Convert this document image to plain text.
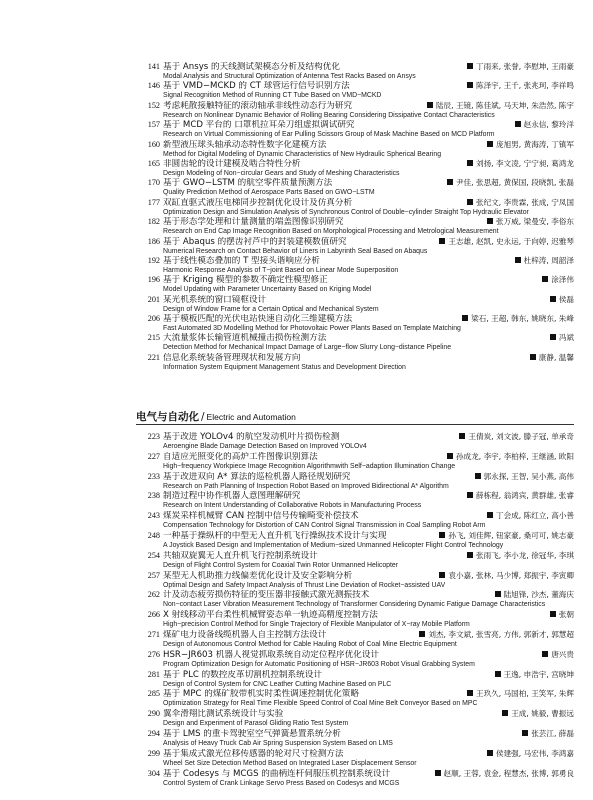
141 基于 Ansys 的天线测试架模态分析及结构优化
Modal Analysis and Structural Optimization of Antenna Test Racks Based on Ansys
丁雨来, 张誉, 李慰坤, 王雨豪
146 基于 VMD−MCKD 的 CT 球管运行信号识别方法
Signal Recognition Method of Running CT Tube Based on VMD−MCKD
陈泽宇, 王千, 张兆珂, 李祥鸣
152 考虑耗散接触特征的滚动轴承非线性动态行为研究
Research on Nonlinear Dynamic Behavior of Rolling Bearing Considering Dissipative Contact Characteristics
陆辰, 王镜, 陈佳斌, 马天坤, 朱浩然, 陈宇
157 基于 MCD 平台的 口罩机拉耳朵刀组虚拟调试研究
Research on Virtual Commissioning of Ear Pulling Scissors Group of Mask Machine Based on MCD Platform
赵永信, 黎玲洋
160 新型液压球头轴承动态特性数字化建模方法
Method for Digital Modeling of Dynamic Characteristics of New Hydraulic Spherical Bearing
庞旭男, 黄海涛, 丁镇军
165 非圆齿轮的设计建模及啮合特性分析
Design Modeling of Non−circular Gears and Study of Meshing Characteristics
刘扬, 李文凌, 宁宁昶, 葛鸿龙
170 基于 GWO−LSTM 的航空零件质量预测方法
Quality Prediction Method of Aerospace Parts Based on GWO−LSTM
尹佳, 张思超, 黄保国, 段晓凯, 张磊
177 双缸直驱式液压电梯同步控制优化设计及仿真分析
Optimization Design and Simulation Analysis of Synchronous Control of Double−cylinder Straight Top Hydraulic Elevator
张纪文, 李贵霖, 张成, 宁凤国
182 基于形态学处理和计量测量的端盖图像识别研究
Research on End Cap Image Recognition Based on Morphological Processing and Metrological Measurement
张万威, 梁曼安, 李俗东
186 基于 Abaqus 的摆齿衬芦中的封装建模数值研究
Numerical Research on Contact Behavior of Liners in Labyrinth Seal Based on Abaqus
王志雄, 赵凯, 史永运, 于向婷, 迟雅琴
192 基于线性模态叠加的 T 型接头谐响应分析
Harmonic Response Analysis of T−joint Based on Linear Mode Superposition
杜梓涛, 周韶泽
196 基于 Kriging 模型的参数不确定性模型修正
Model Updating with Parameter Uncertainty Based on Kriging Model
涂泽伟
201 某光机系统的窗口镜框设计
Design of Window Frame for a Certain Optical and Mechanical System
侯磊
206 基于模板匹配的光伏电站快速自动化三维建模方法
Fast Automated 3D Modelling Method for Photovoltaic Power Plants Based on Template Matching
梁石, 王超, 韩东, 姚晓东, 朱峰
215 大流量浆体长输管道机械撞击损伤检测方法
Detection Method for Mechanical Impact Damage of Large−flow Slurry Long−distance Pipeline
冯斌
221 信息化系统装备管理现状和发展方向
Information System Equipment Management Status and Development Direction
康静, 温馨
电气与自动化 / Electric and Automation
223 基于改进 YOLOv4 的航空发动机叶片损伤检测
Aeroengine Blade Damage Detection Based on Improved YOLOv4
王倩炭, 刘文波, 滕子冠, 单承奇
227 自适应光照变化的高炉工件图像识别算法
High−frequency Workpiece Image Recognition Algorithmwith Self−adaption Illumination Change
孙成龙, 李宇, 李柏梓, 王继涵, 欧阳
233 基于改进双向 A* 算法的巡检机器人路径规划研究
Research on Path Planning of Inspection Robot Based on Improved Bidirectional A* Algorithm
郭永探, 王智, 吴小燕, 高伟
238 制造过程中协作机器人意图理解研究
Research on Intent Understanding of Collaborative Robots in Manufacturing Process
薛栋程, 翁鸿宾, 黄群雄, 张睿
243 煤炭采样机械臂 CAN 控制中信号传输畸变补偿技术
Compensation Technology for Distortion of CAN Control Signal Transmission in Coal Sampling Robot Arm
丁会成, 陈红立, 高小善
248 一种基于操纵杆的中型无人直升机飞行操纵技术设计与实现
A Joystick Based Design and Implementation of Medium−sized Unmanned Helicopter Flight Control Technology
孙飞, 刘佳辉, 钮家豪, 桑可可, 姚志豪
254 共轴双旋翼无人直升机飞行控制系统设计
Design of Flight Control System for Coaxial Twin Rotor Unmanned Helicopter
张雨飞, 李小龙, 徐冠华, 李琪
257 某型无人机助推力线偏差优化设计及安全影响分析
Optimal Design and Safety Impact Analysis of Thrust Line Deviation of Rocket−assisted UAV
袁小嘉, 张林, 马少博, 郑振宇, 李寅卿
262 计及动态疲劳损伤特征的变压器非接触式激光测振技术
Non−contact Laser Vibration Measurement Technology of Transformer Considering Dynamic Fatigue Damage Characteristics
陆旭锋, 沙杰, 董海庆
266 X 射线移动平台柔性机械臂姿态单一轨迹高精度控制方法
High−precision Control Method for Single Trajectory of Flexible Manipulator of X−ray Mobile Platform
张朝
271 煤矿电力设备线缆机器人自主控制方法设计
Design of Autonomous Control Method for Cable Hauling Robot of Coal Mine Electric Equipment
刘杰, 李文斌, 张雪亮, 方伟, 郭新才, 郭慧超
276 HSR−JR603 机器人视觉抓取系统自动定位程序优化设计
Program Optimization Design for Automatic Positioning of HSR−JR603 Robot Visual Grabbing System
唐兴贵
281 基于 PLC 的数控皮革切割机控制系统设计
Design of Control System for CNC Leather Cutting Machine Based on PLC
王逸, 申浩宇, 宫晓坤
285 基于 MPC 的煤矿胶带机实时柔性调速控制优化策略
Optimization Strategy for Real Time Flexible Speed Control of Coal Mine Belt Conveyor Based on MPC
王玖久, 马国柏, 王笑军, 朱辉
290 翼伞滑翔比测试系统设计与实验
Design and Experiment of Parasol Gliding Ratio Test System
王成, 姚毅, 曹振远
294 基于 LMS 的重卡驾驶室空气弹簧悬置系统分析
Analysis of Heavy Truck Cab Air Spring Suspension System Based on LMS
张芸江, 薛磊
299 基于集成式激光位移传感器的轮对尺寸检测方法
Wheel Set Size Detection Method Based on Integrated Laser Displacement Sensor
侯建强, 马宏伟, 李鸿嘉
304 基于 Codesys 与 MCGS 的曲柄连杆伺服压机控制系统设计
Control System of Crank Linkage Servo Press Based on Codesys and MCGS
赵顺, 王蓉, 袁金, 程慧杰, 张博, 郭勇良
